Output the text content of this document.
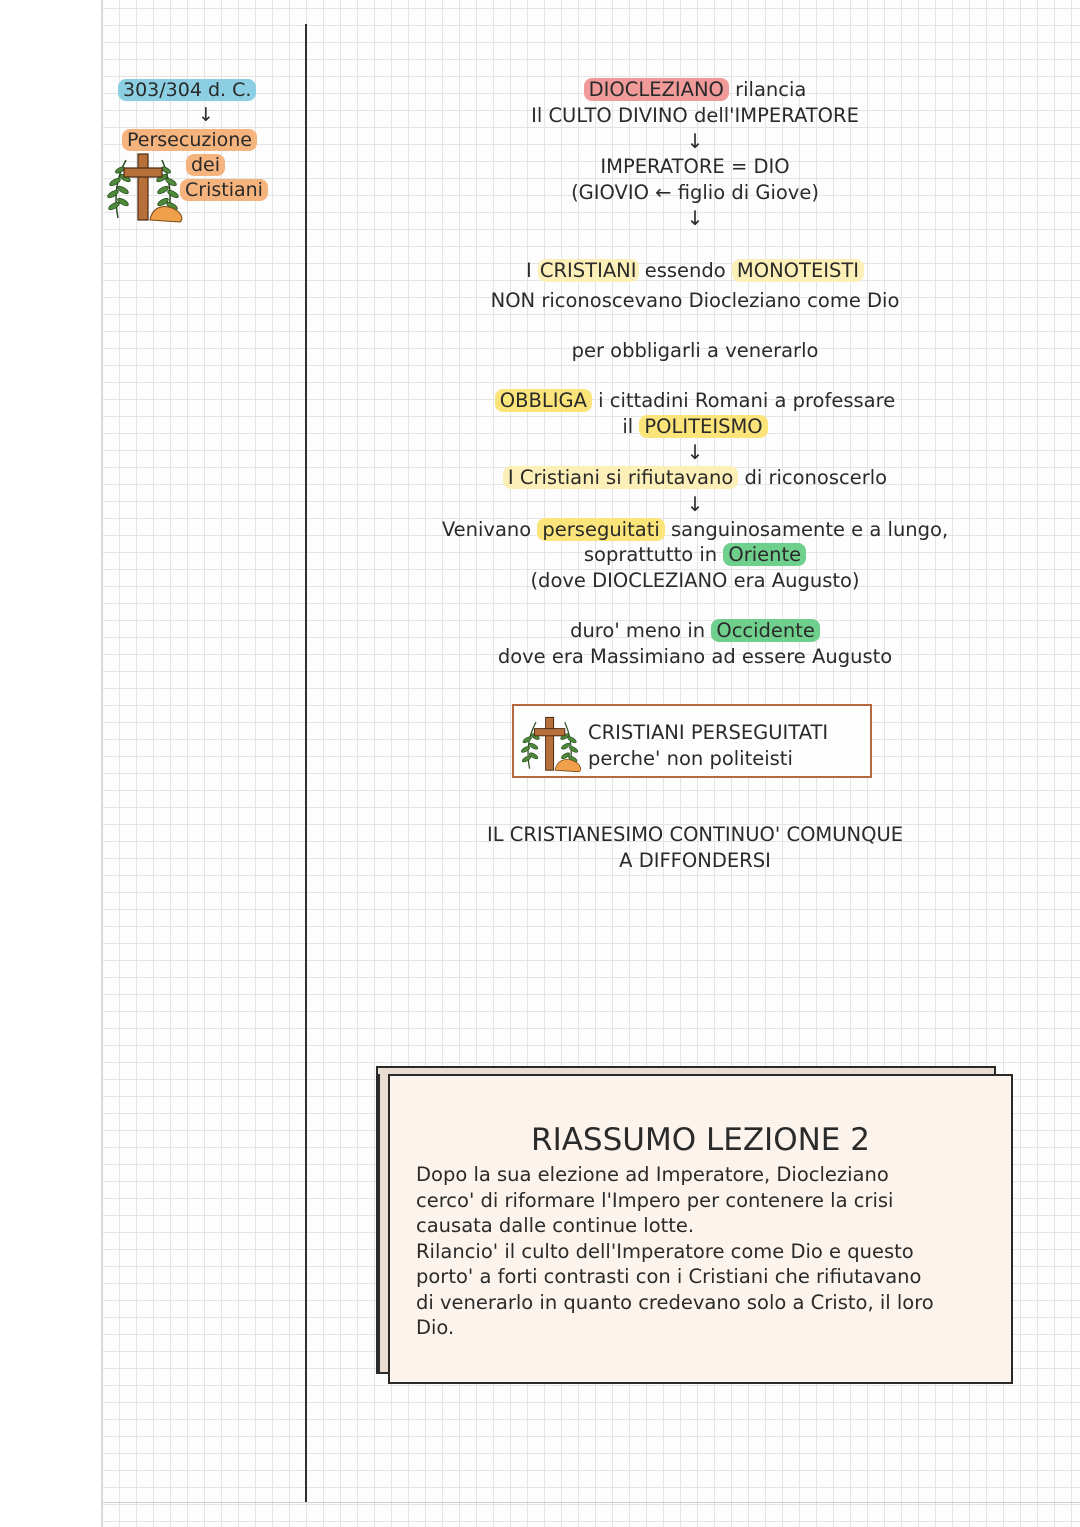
303/304 d. C.
↓
Persecuzione
dei
Cristiani
DIOCLEZIANO rilancia
Il CULTO DIVINO dell'IMPERATORE
↓
IMPERATORE = DIO
(GIOVIO ← figlio di Giove)
↓
I CRISTIANI essendo MONOTEISTI
NON riconoscevano Diocleziano come Dio
per obbligarli a venerarlo
OBBLIGA i cittadini Romani a professare
il POLITEISMO
↓
I Cristiani si rifiutavano di riconoscerlo
↓
Venivano perseguitati sanguinosamente e a lungo,
soprattutto in Oriente
(dove DIOCLEZIANO era Augusto)
duro' meno in Occidente
dove era Massimiano ad essere Augusto
CRISTIANI PERSEGUITATI
perche' non politeisti
IL CRISTIANESIMO CONTINUO' COMUNQUE
A DIFFONDERSI
RIASSUMO LEZIONE 2
Dopo la sua elezione ad Imperatore, Diocleziano
cerco' di riformare l'Impero per contenere la crisi
causata dalle continue lotte.
Rilancio' il culto dell'Imperatore come Dio e questo
porto' a forti contrasti con i Cristiani che rifiutavano
di venerarlo in quanto credevano solo a Cristo, il loro
Dio.
